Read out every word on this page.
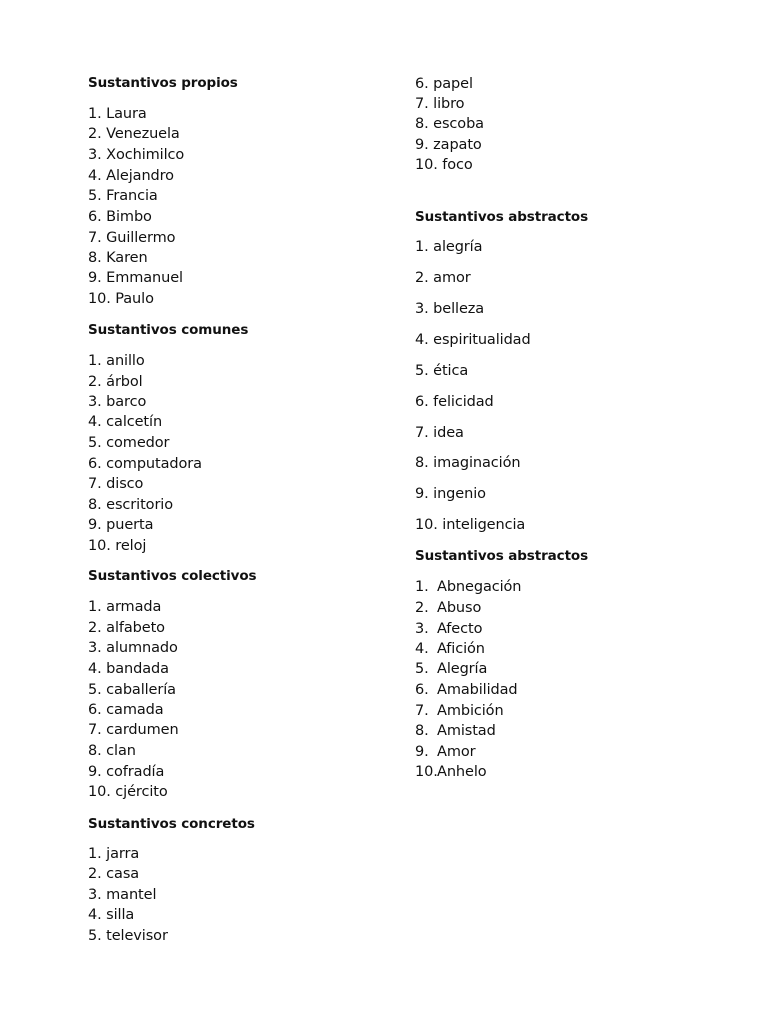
Sustantivos propios
1. Laura
2. Venezuela
3. Xochimilco
4. Alejandro
5. Francia
6. Bimbo
7. Guillermo
8. Karen
9. Emmanuel
10. Paulo
Sustantivos comunes
1. anillo
2. árbol
3. barco
4. calcetín
5. comedor
6. computadora
7. disco
8. escritorio
9. puerta
10. reloj
Sustantivos colectivos
1. armada
2. alfabeto
3. alumnado
4. bandada
5. caballería
6. camada
7. cardumen
8. clan
9. cofradía
10. cjército
Sustantivos concretos
1. jarra
2. casa
3. mantel
4. silla
5. televisor
6. papel
7. libro
8. escoba
9. zapato
10. foco
Sustantivos abstractos
1. alegría
2. amor
3. belleza
4. espiritualidad
5. ética
6. felicidad
7. idea
8. imaginación
9. ingenio
10. inteligencia
Sustantivos abstractos
1. Abnegación
2. Abuso
3. Afecto
4. Afición
5. Alegría
6. Amabilidad
7. Ambición
8. Amistad
9. Amor
10.Anhelo
